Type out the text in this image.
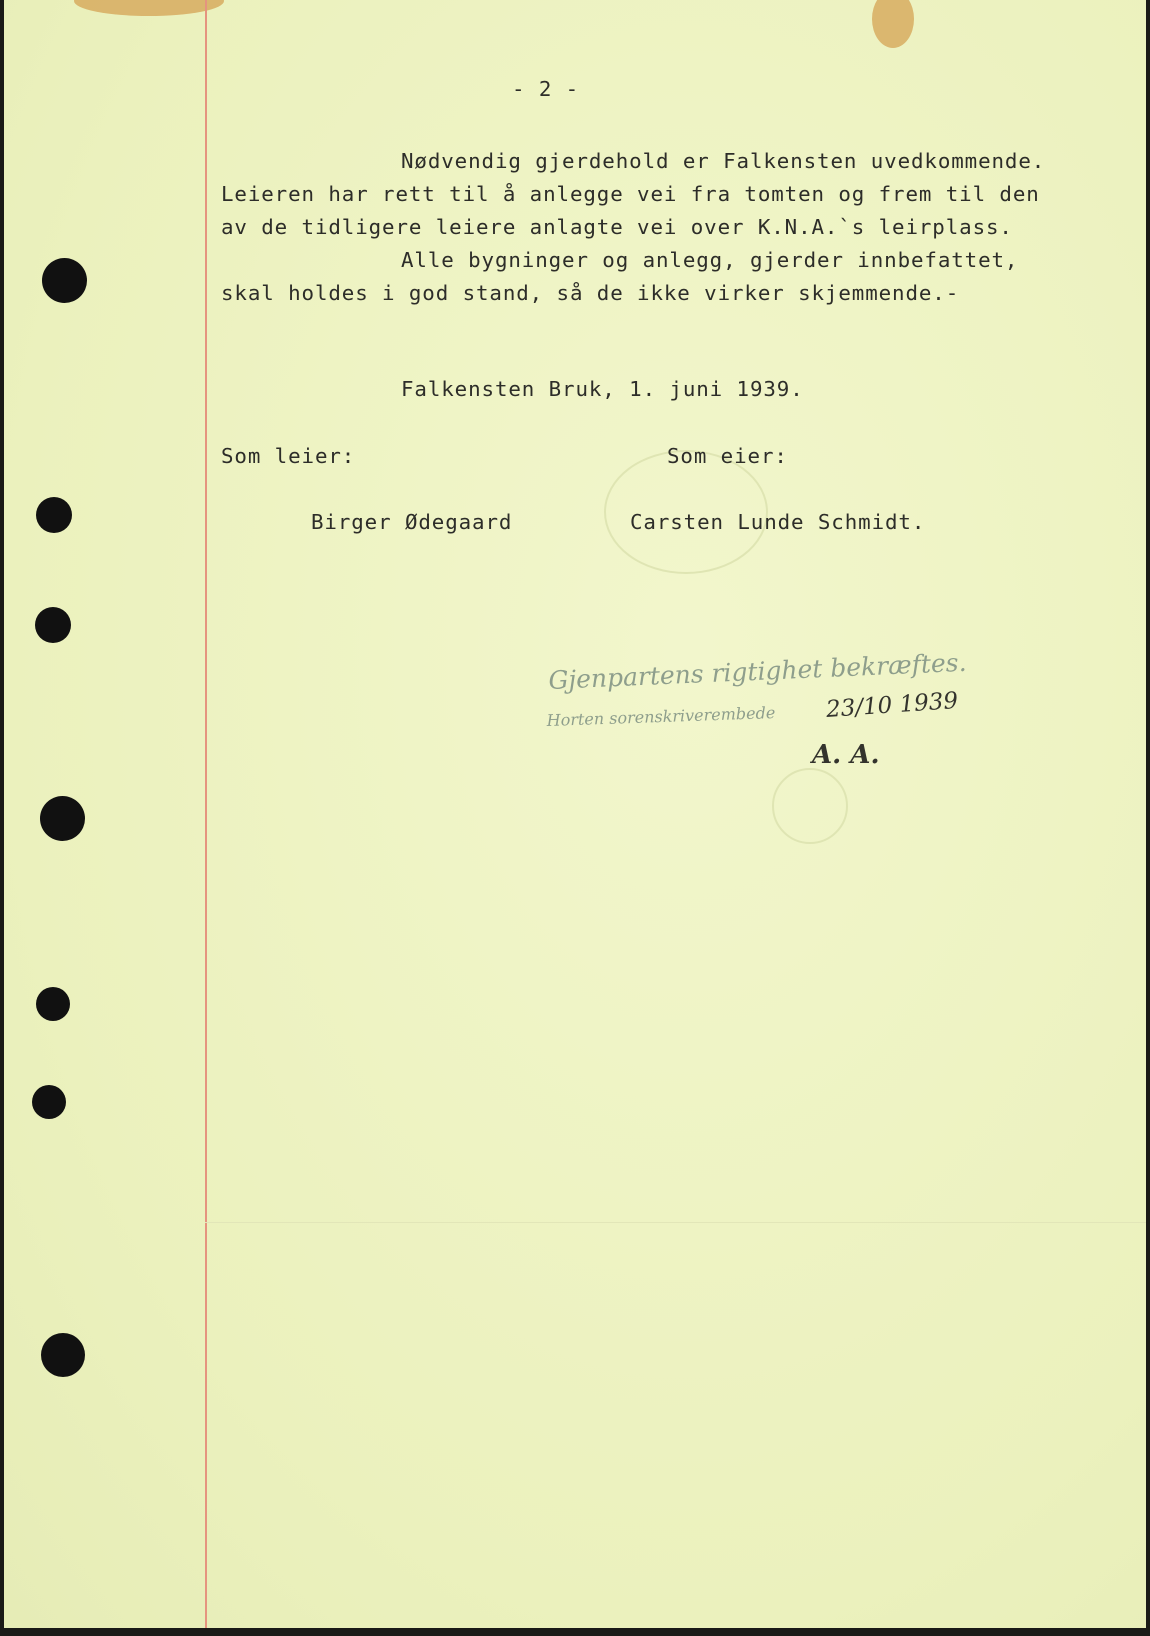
- 2 -
Nødvendig gjerdehold er Falkensten uvedkommende.
Leieren har rett til å anlegge vei fra tomten og frem til den
av de tidligere leiere anlagte vei over K.N.A.`s leirplass.
Alle bygninger og anlegg, gjerder innbefattet,
skal holdes i god stand, så de ikke virker skjemmende.-
Falkensten Bruk, 1. juni 1939.
Som leier:	Som eier:
Birger Ødegaard	Carsten Lunde Schmidt.
Gjenpartens rigtighet bekræftes.
Horten sorenskriverembede 23/10 1939
A. A.
